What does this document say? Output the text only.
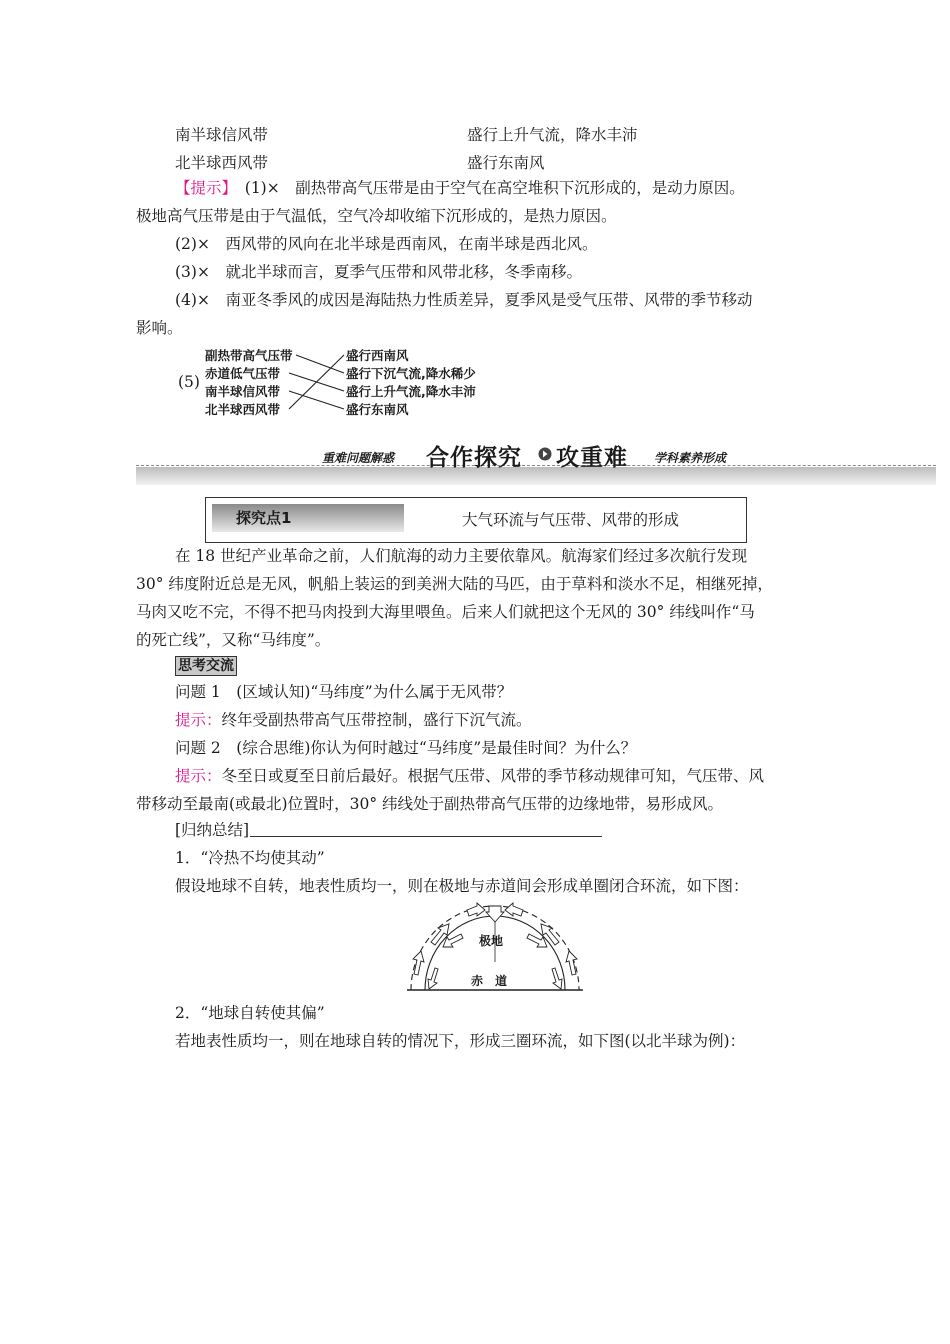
南半球信风带	盛行上升气流，降水丰沛
北半球西风带	盛行东南风
【提示】　(1)×　副热带高气压带是由于空气在高空堆积下沉形成的，是动力原因。
极地高气压带是由于气温低，空气冷却收缩下沉形成的，是热力原因。
(2)×　西风带的风向在北半球是西南风，在南半球是西北风。
(3)×　就北半球而言，夏季气压带和风带北移，冬季南移。
(4)×　南亚冬季风的成因是海陆热力性质差异，夏季风是受气压带、风带的季节移动
影响。
(5)
副热带高气压带
赤道低气压带
南半球信风带
北半球西风带
盛行西南风
盛行下沉气流,降水稀少
盛行上升气流,降水丰沛
盛行东南风
重难问题解惑 合作探究 攻重难 学科素养形成
探究点1	大气环流与气压带、风带的形成
在 18 世纪产业革命之前，人们航海的动力主要依靠风。航海家们经过多次航行发现
30° 纬度附近总是无风，帆船上装运的到美洲大陆的马匹，由于草料和淡水不足，相继死掉，
马肉又吃不完，不得不把马肉投到大海里喂鱼。后来人们就把这个无风的 30° 纬线叫作“马
的死亡线”，又称“马纬度”。
思考交流
问题 1　(区域认知)“马纬度”为什么属于无风带？
提示：终年受副热带高气压带控制，盛行下沉气流。
问题 2　(综合思维)你认为何时越过“马纬度”是最佳时间？为什么？
提示：冬至日或夏至日前后最好。根据气压带、风带的季节移动规律可知，气压带、风
带移动至最南(或最北)位置时，30° 纬线处于副热带高气压带的边缘地带，易形成风。
[归纳总结]
1．“冷热不均使其动”
假设地球不自转，地表性质均一，则在极地与赤道间会形成单圈闭合环流，如下图：
极地
赤　道
2．“地球自转使其偏”
若地表性质均一，则在地球自转的情况下，形成三圈环流，如下图(以北半球为例)：
